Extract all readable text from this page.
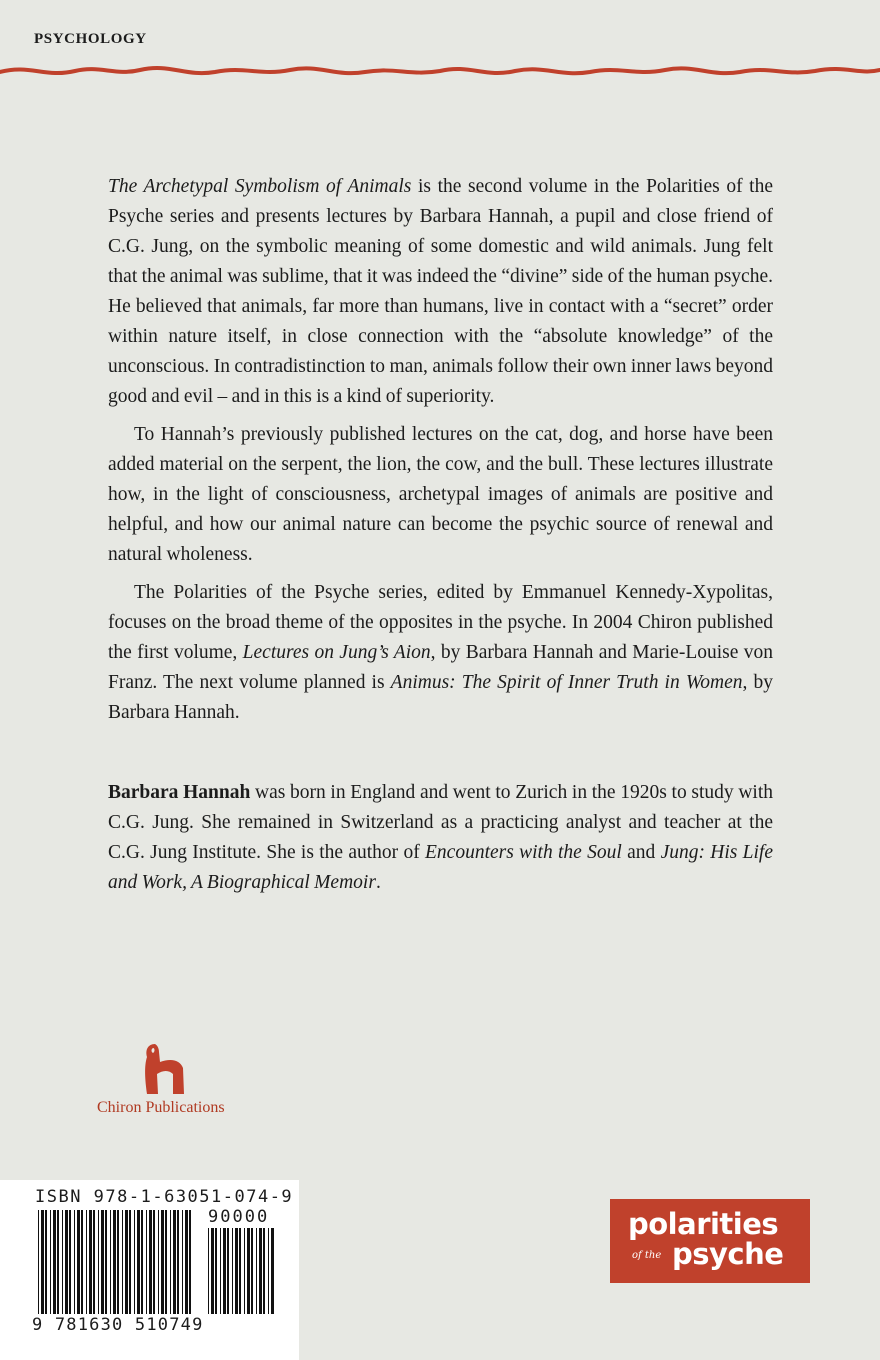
PSYCHOLOGY

The Archetypal Symbolism of Animals is the second volume in the Polarities of the Psyche series and presents lectures by Barbara Hannah, a pupil and close friend of C.G. Jung, on the symbolic meaning of some domestic and wild animals. Jung felt that the animal was sublime, that it was indeed the “divine” side of the human psyche. He believed that animals, far more than humans, live in contact with a “secret” order within nature itself, in close connection with the “absolute knowledge” of the unconscious. In contradistinction to man, animals follow their own inner laws beyond good and evil – and in this is a kind of superiority.

To Hannah’s previously published lectures on the cat, dog, and horse have been added material on the serpent, the lion, the cow, and the bull. These lectures illustrate how, in the light of consciousness, archetypal images of animals are positive and helpful, and how our animal nature can become the psychic source of renewal and natural wholeness.

The Polarities of the Psyche series, edited by Emmanuel Kennedy-Xypolitas, focuses on the broad theme of the opposites in the psyche. In 2004 Chiron published the first volume, Lectures on Jung’s Aion, by Barbara Hannah and Marie-Louise von Franz. The next volume planned is Animus: The Spirit of Inner Truth in Women, by Barbara Hannah.

Barbara Hannah was born in England and went to Zurich in the 1920s to study with C.G. Jung. She remained in Switzerland as a practicing analyst and teacher at the C.G. Jung Institute. She is the author of Encounters with the Soul and Jung: His Life and Work, A Biographical Memoir.

Chiron Publications
ISBN 978-1-63051-074-9
90000
9 781630 510749
polarities
of the psyche
